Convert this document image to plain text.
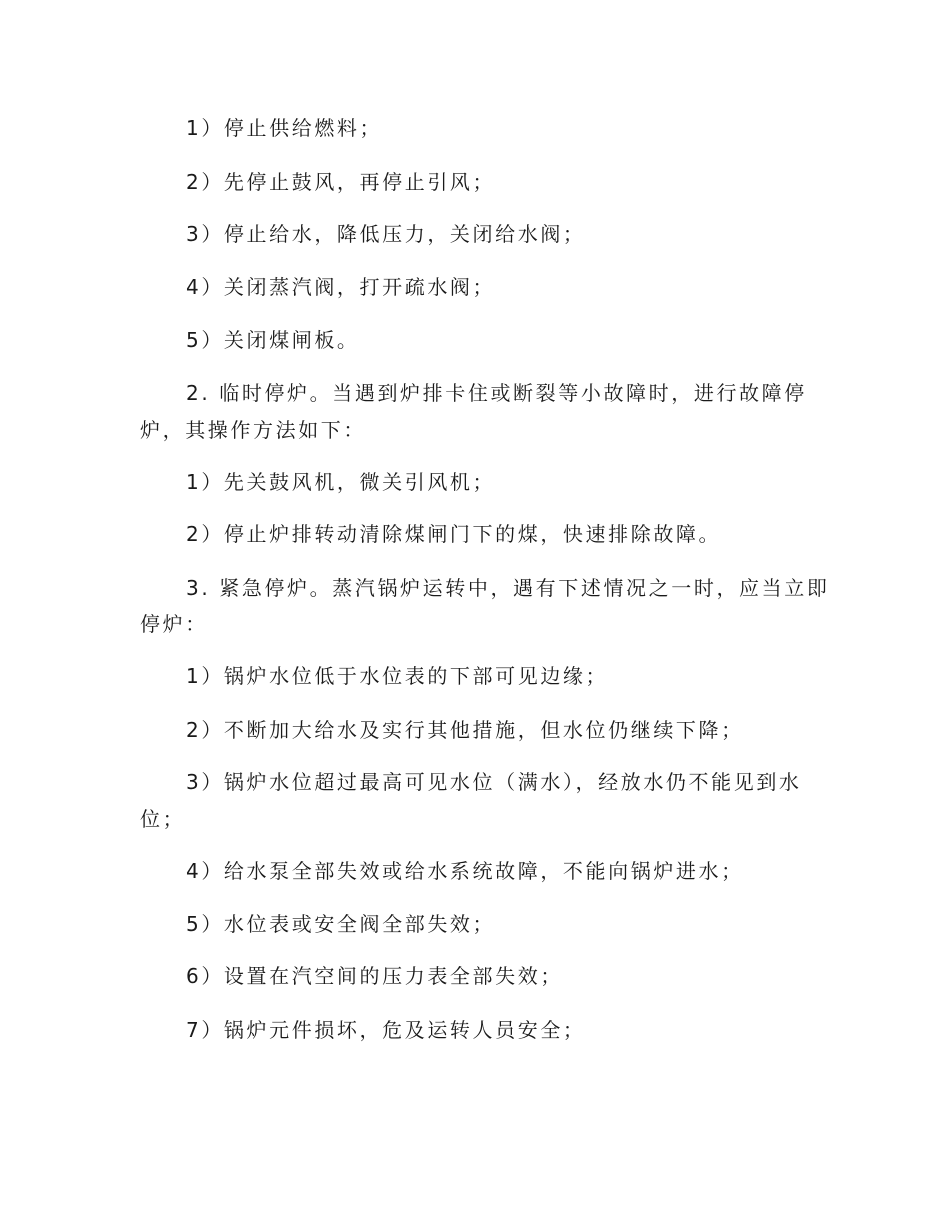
1）停止供给燃料；

2）先停止鼓风，再停止引风；

3）停止给水，降低压力，关闭给水阀；

4）关闭蒸汽阀，打开疏水阀；

5）关闭煤闸板。

2. 临时停炉。当遇到炉排卡住或断裂等小故障时，进行故障停

炉，其操作方法如下：

1）先关鼓风机，微关引风机；

2）停止炉排转动清除煤闸门下的煤，快速排除故障。

3. 紧急停炉。蒸汽锅炉运转中，遇有下述情况之一时，应当立即

停炉：

1）锅炉水位低于水位表的下部可见边缘；

2）不断加大给水及实行其他措施，但水位仍继续下降；

3）锅炉水位超过最高可见水位（满水），经放水仍不能见到水

位；

4）给水泵全部失效或给水系统故障，不能向锅炉进水；

5）水位表或安全阀全部失效；

6）设置在汽空间的压力表全部失效；

7）锅炉元件损坏，危及运转人员安全；
